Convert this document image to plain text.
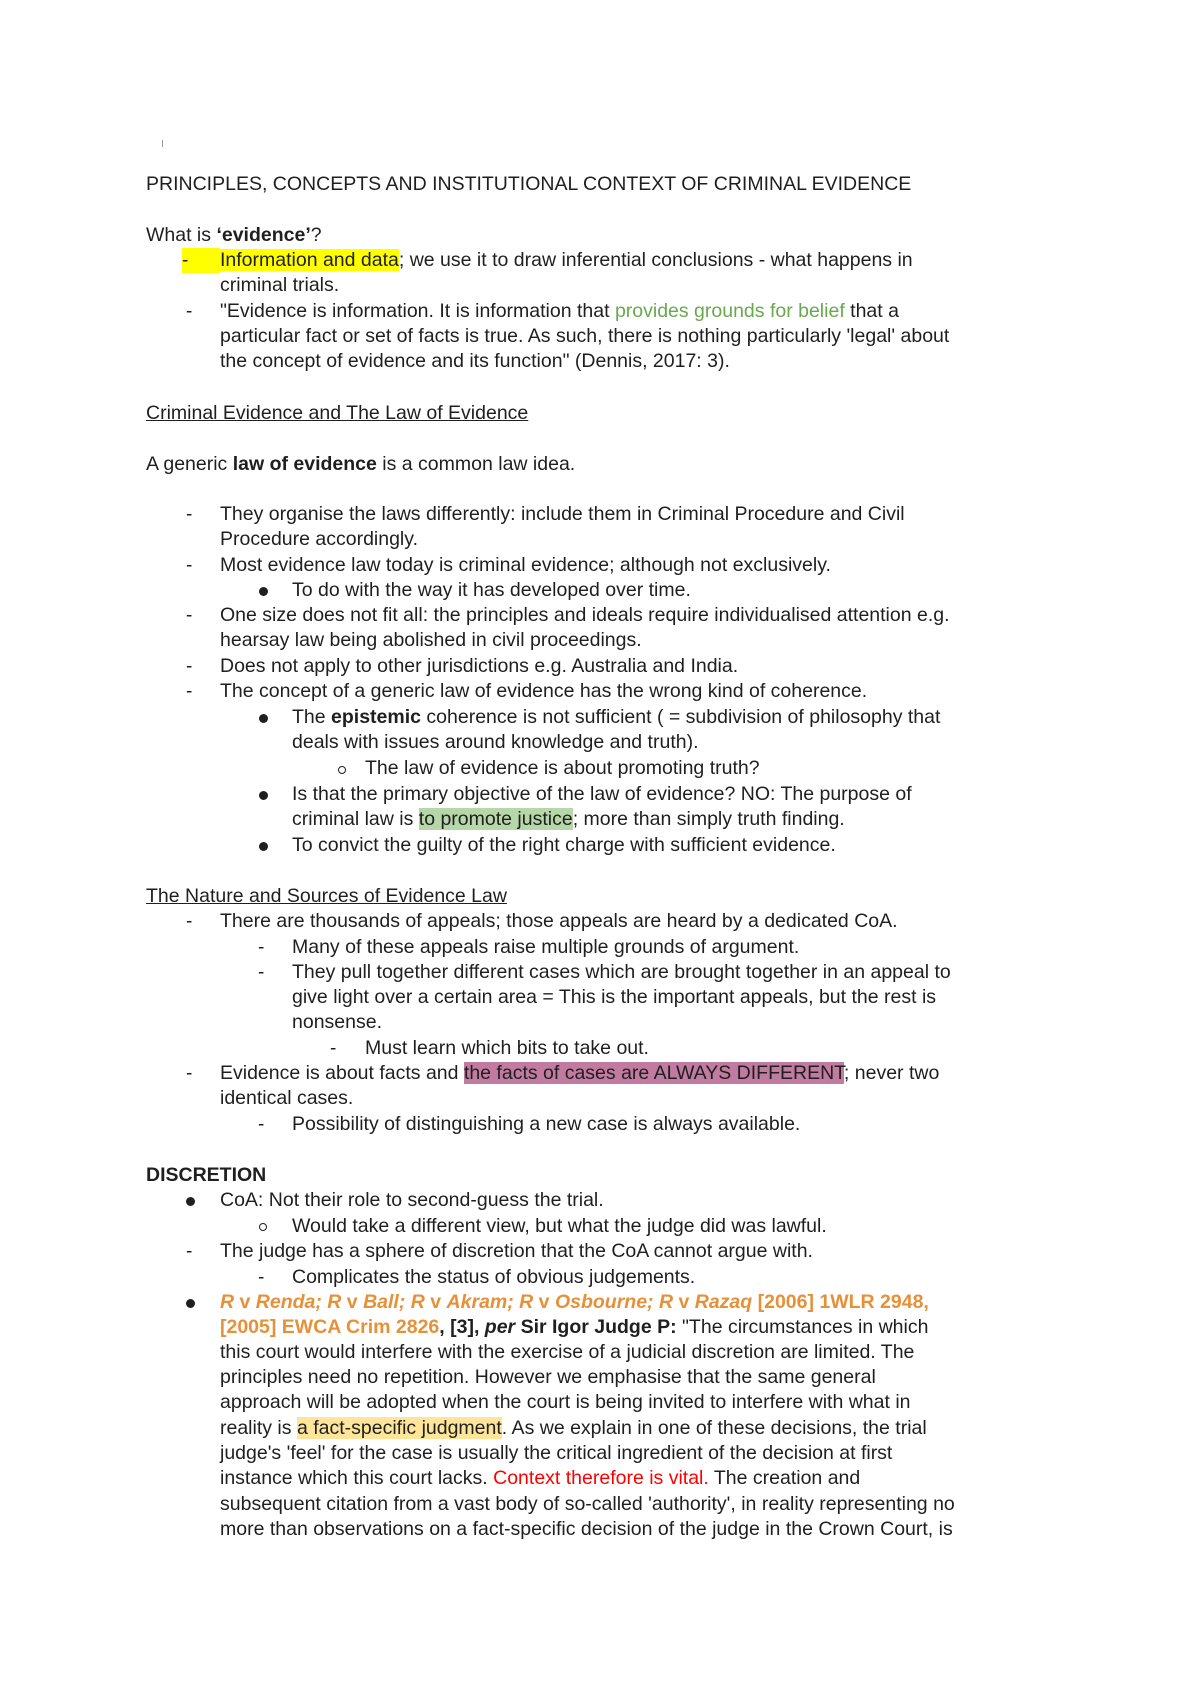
PRINCIPLES, CONCEPTS AND INSTITUTIONAL CONTEXT OF CRIMINAL EVIDENCE
What is ‘evidence’?
-	Information and data; we use it to draw inferential conclusions - what happens in
criminal trials.
- "Evidence is information. It is information that provides grounds for belief that a
particular fact or set of facts is true. As such, there is nothing particularly 'legal' about
the concept of evidence and its function" (Dennis, 2017: 3).
Criminal Evidence and The Law of Evidence
A generic law of evidence is a common law idea.
- They organise the laws differently: include them in Criminal Procedure and Civil
Procedure accordingly.
- Most evidence law today is criminal evidence; although not exclusively.
To do with the way it has developed over time.
- One size does not fit all: the principles and ideals require individualised attention e.g.
hearsay law being abolished in civil proceedings.
- Does not apply to other jurisdictions e.g. Australia and India.
- The concept of a generic law of evidence has the wrong kind of coherence.
The epistemic coherence is not sufficient ( = subdivision of philosophy that
deals with issues around knowledge and truth).
The law of evidence is about promoting truth?
Is that the primary objective of the law of evidence? NO: The purpose of
criminal law is to promote justice; more than simply truth finding.
To convict the guilty of the right charge with sufficient evidence.
The Nature and Sources of Evidence Law
- There are thousands of appeals; those appeals are heard by a dedicated CoA.
- Many of these appeals raise multiple grounds of argument.
- They pull together different cases which are brought together in an appeal to
give light over a certain area = This is the important appeals, but the rest is
nonsense.
- Must learn which bits to take out.
- Evidence is about facts and the facts of cases are ALWAYS DIFFERENT; never two
identical cases.
- Possibility of distinguishing a new case is always available.
DISCRETION
CoA: Not their role to second-guess the trial.
Would take a different view, but what the judge did was lawful.
- The judge has a sphere of discretion that the CoA cannot argue with.
- Complicates the status of obvious judgements.
R v Renda; R v Ball; R v Akram; R v Osbourne; R v Razaq [2006] 1WLR 2948,
[2005] EWCA Crim 2826, [3], per Sir Igor Judge P: "The circumstances in which
this court would interfere with the exercise of a judicial discretion are limited. The
principles need no repetition. However we emphasise that the same general
approach will be adopted when the court is being invited to interfere with what in
reality is a fact-specific judgment. As we explain in one of these decisions, the trial
judge's 'feel' for the case is usually the critical ingredient of the decision at first
instance which this court lacks. Context therefore is vital. The creation and
subsequent citation from a vast body of so-called 'authority', in reality representing no
more than observations on a fact-specific decision of the judge in the Crown Court, is
